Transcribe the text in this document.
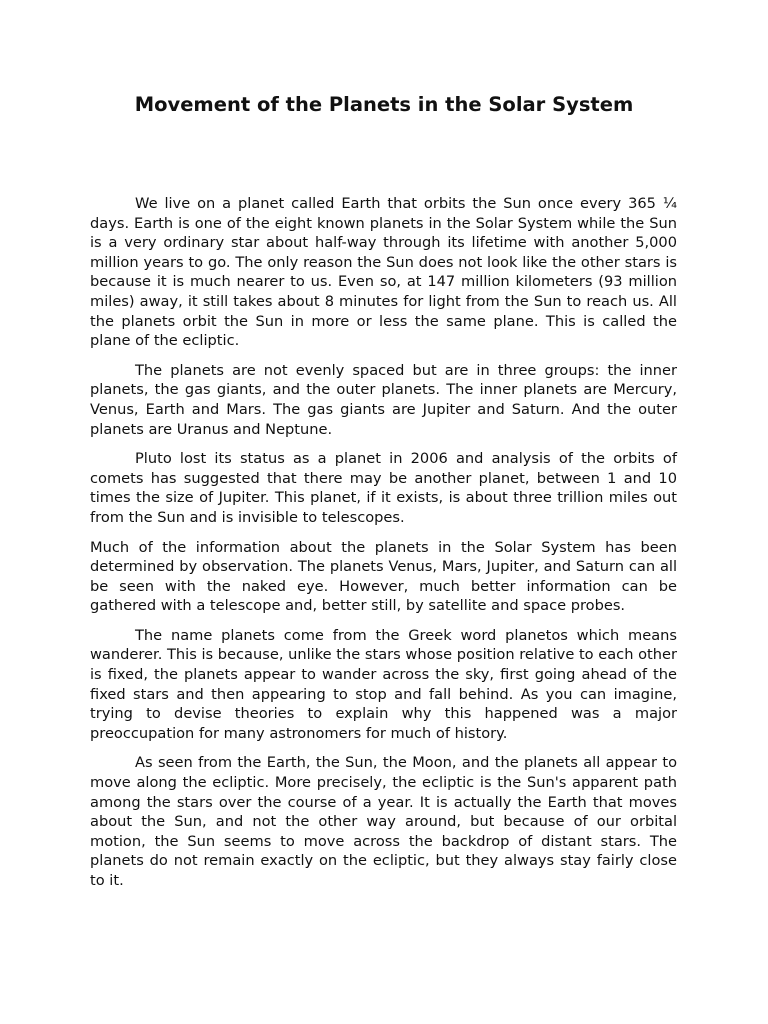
Movement of the Planets in the Solar System

We live on a planet called Earth that orbits the Sun once every 365 ¼ days. Earth is one of the eight known planets in the Solar System while the Sun is a very ordinary star about half-way through its lifetime with another 5,000 million years to go. The only reason the Sun does not look like the other stars is because it is much nearer to us. Even so, at 147 million kilometers (93 million miles) away, it still takes about 8 minutes for light from the Sun to reach us. All the planets orbit the Sun in more or less the same plane. This is called the plane of the ecliptic.

The planets are not evenly spaced but are in three groups: the inner planets, the gas giants, and the outer planets. The inner planets are Mercury, Venus, Earth and Mars. The gas giants are Jupiter and Saturn. And the outer planets are Uranus and Neptune.

Pluto lost its status as a planet in 2006 and analysis of the orbits of comets has suggested that there may be another planet, between 1 and 10 times the size of Jupiter. This planet, if it exists, is about three trillion miles out from the Sun and is invisible to telescopes.

Much of the information about the planets in the Solar System has been determined by observation. The planets Venus, Mars, Jupiter, and Saturn can all be seen with the naked eye. However, much better information can be gathered with a telescope and, better still, by satellite and space probes.

The name planets come from the Greek word planetos which means wanderer. This is because, unlike the stars whose position relative to each other is fixed, the planets appear to wander across the sky, first going ahead of the fixed stars and then appearing to stop and fall behind. As you can imagine, trying to devise theories to explain why this happened was a major preoccupation for many astronomers for much of history.

As seen from the Earth, the Sun, the Moon, and the planets all appear to move along the ecliptic. More precisely, the ecliptic is the Sun's apparent path among the stars over the course of a year. It is actually the Earth that moves about the Sun, and not the other way around, but because of our orbital motion, the Sun seems to move across the backdrop of distant stars. The planets do not remain exactly on the ecliptic, but they always stay fairly close to it.
